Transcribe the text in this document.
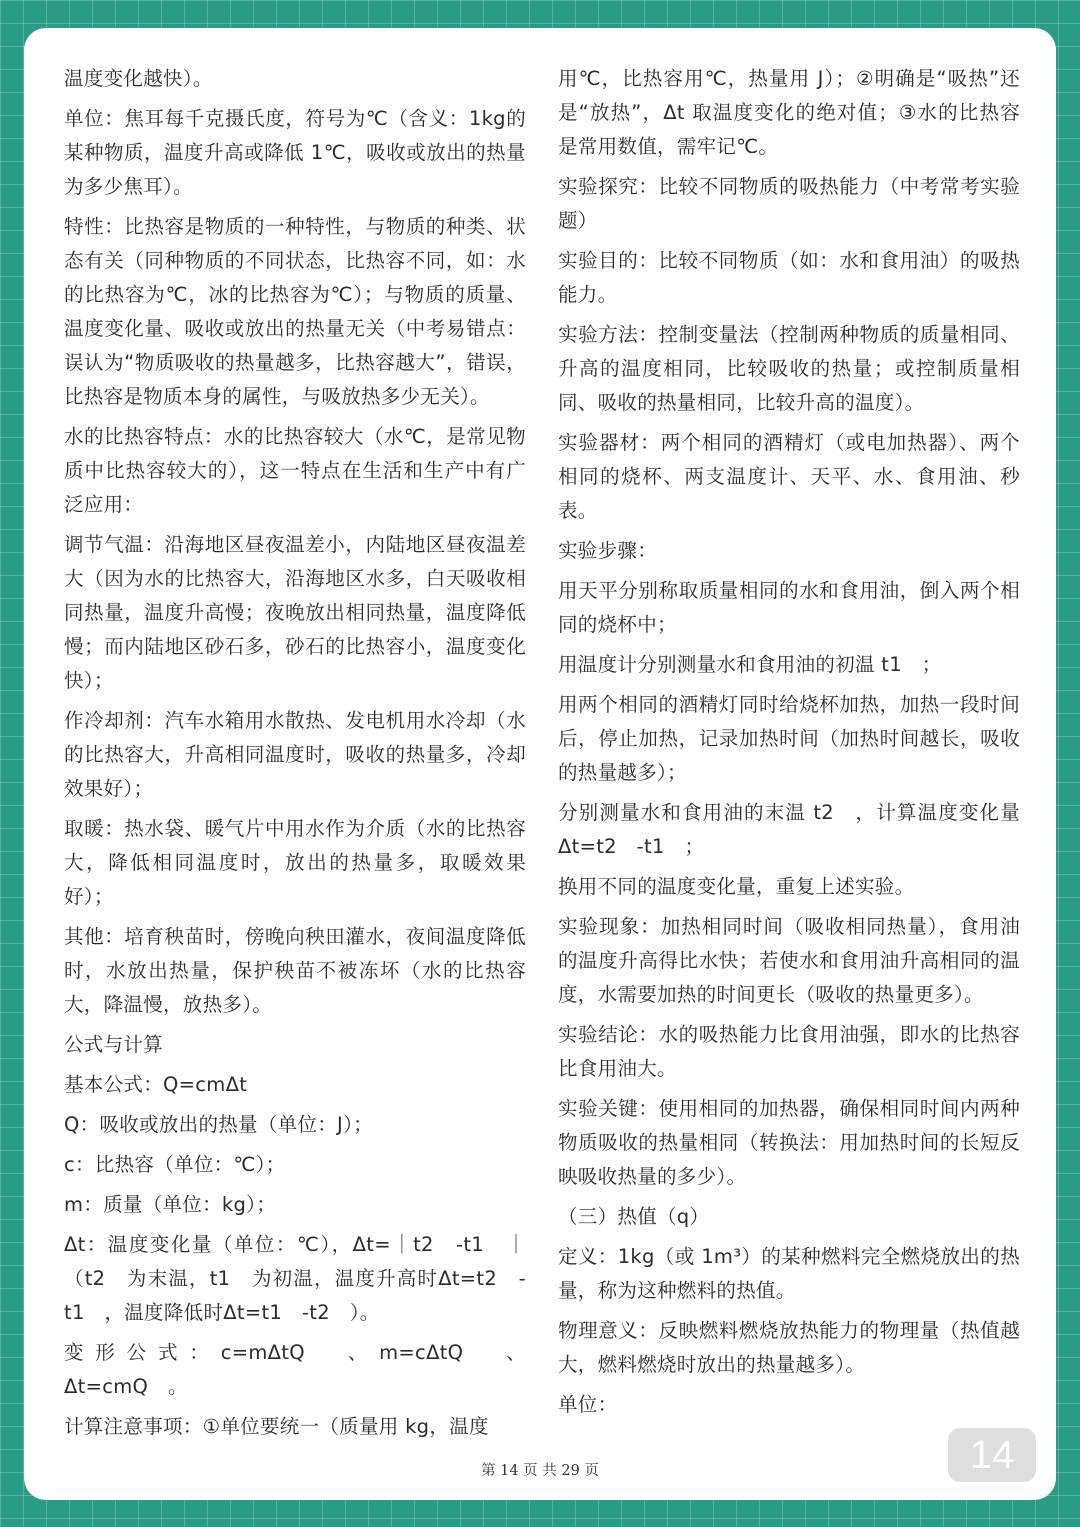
温度变化越快）。

单位：焦耳每千克摄氏度，符号为℃（含义：1kg的某种物质，温度升高或降低 1℃，吸收或放出的热量为多少焦耳）。

特性：比热容是物质的一种特性，与物质的种类、状态有关（同种物质的不同状态，比热容不同，如：水的比热容为℃，冰的比热容为℃）；与物质的质量、温度变化量、吸收或放出的热量无关（中考易错点：误认为“物质吸收的热量越多，比热容越大”，错误，比热容是物质本身的属性，与吸放热多少无关）。

水的比热容特点：水的比热容较大（水℃，是常见物质中比热容较大的），这一特点在生活和生产中有广泛应用：

调节气温：沿海地区昼夜温差小，内陆地区昼夜温差大（因为水的比热容大，沿海地区水多，白天吸收相同热量，温度升高慢；夜晚放出相同热量，温度降低慢；而内陆地区砂石多，砂石的比热容小，温度变化快）；

作冷却剂：汽车水箱用水散热、发电机用水冷却（水的比热容大，升高相同温度时，吸收的热量多，冷却效果好）；

取暖：热水袋、暖气片中用水作为介质（水的比热容大，降低相同温度时，放出的热量多，取暖效果好）；

其他：培育秧苗时，傍晚向秧田灌水，夜间温度降低时，水放出热量，保护秧苗不被冻坏（水的比热容大，降温慢，放热多）。

公式与计算

基本公式：Q=cmΔt

Q：吸收或放出的热量（单位：J）；

c：比热容（单位：℃）；

m：质量（单位：kg）；

Δt：温度变化量（单位：℃），Δt=｜t2　-t1　｜（t2　为末温，t1　为初温，温度升高时Δt=t2　-t1　，温度降低时Δt=t1　-t2　）。

变形公式：c=mΔtQ　、m=cΔtQ　、Δt=cmQ　。

计算注意事项：①单位要统一（质量用 kg，温度

用℃，比热容用℃，热量用 J）；②明确是“吸热”还是“放热”，Δt 取温度变化的绝对值；③水的比热容是常用数值，需牢记℃。

实验探究：比较不同物质的吸热能力（中考常考实验题）

实验目的：比较不同物质（如：水和食用油）的吸热能力。

实验方法：控制变量法（控制两种物质的质量相同、升高的温度相同，比较吸收的热量；或控制质量相同、吸收的热量相同，比较升高的温度）。

实验器材：两个相同的酒精灯（或电加热器）、两个相同的烧杯、两支温度计、天平、水、食用油、秒表。

实验步骤：

用天平分别称取质量相同的水和食用油，倒入两个相同的烧杯中；

用温度计分别测量水和食用油的初温 t1　；

用两个相同的酒精灯同时给烧杯加热，加热一段时间后，停止加热，记录加热时间（加热时间越长，吸收的热量越多）；

分别测量水和食用油的末温 t2　，计算温度变化量Δt=t2　-t1　；

换用不同的温度变化量，重复上述实验。

实验现象：加热相同时间（吸收相同热量），食用油的温度升高得比水快；若使水和食用油升高相同的温度，水需要加热的时间更长（吸收的热量更多）。

实验结论：水的吸热能力比食用油强，即水的比热容比食用油大。

实验关键：使用相同的加热器，确保相同时间内两种物质吸收的热量相同（转换法：用加热时间的长短反映吸收热量的多少）。

（三）热值（q）

定义：1kg（或 1m³）的某种燃料完全燃烧放出的热量，称为这种燃料的热值。

物理意义：反映燃料燃烧放热能力的物理量（热值越大，燃料燃烧时放出的热量越多）。

单位：

第 14 页 共 29 页	14
